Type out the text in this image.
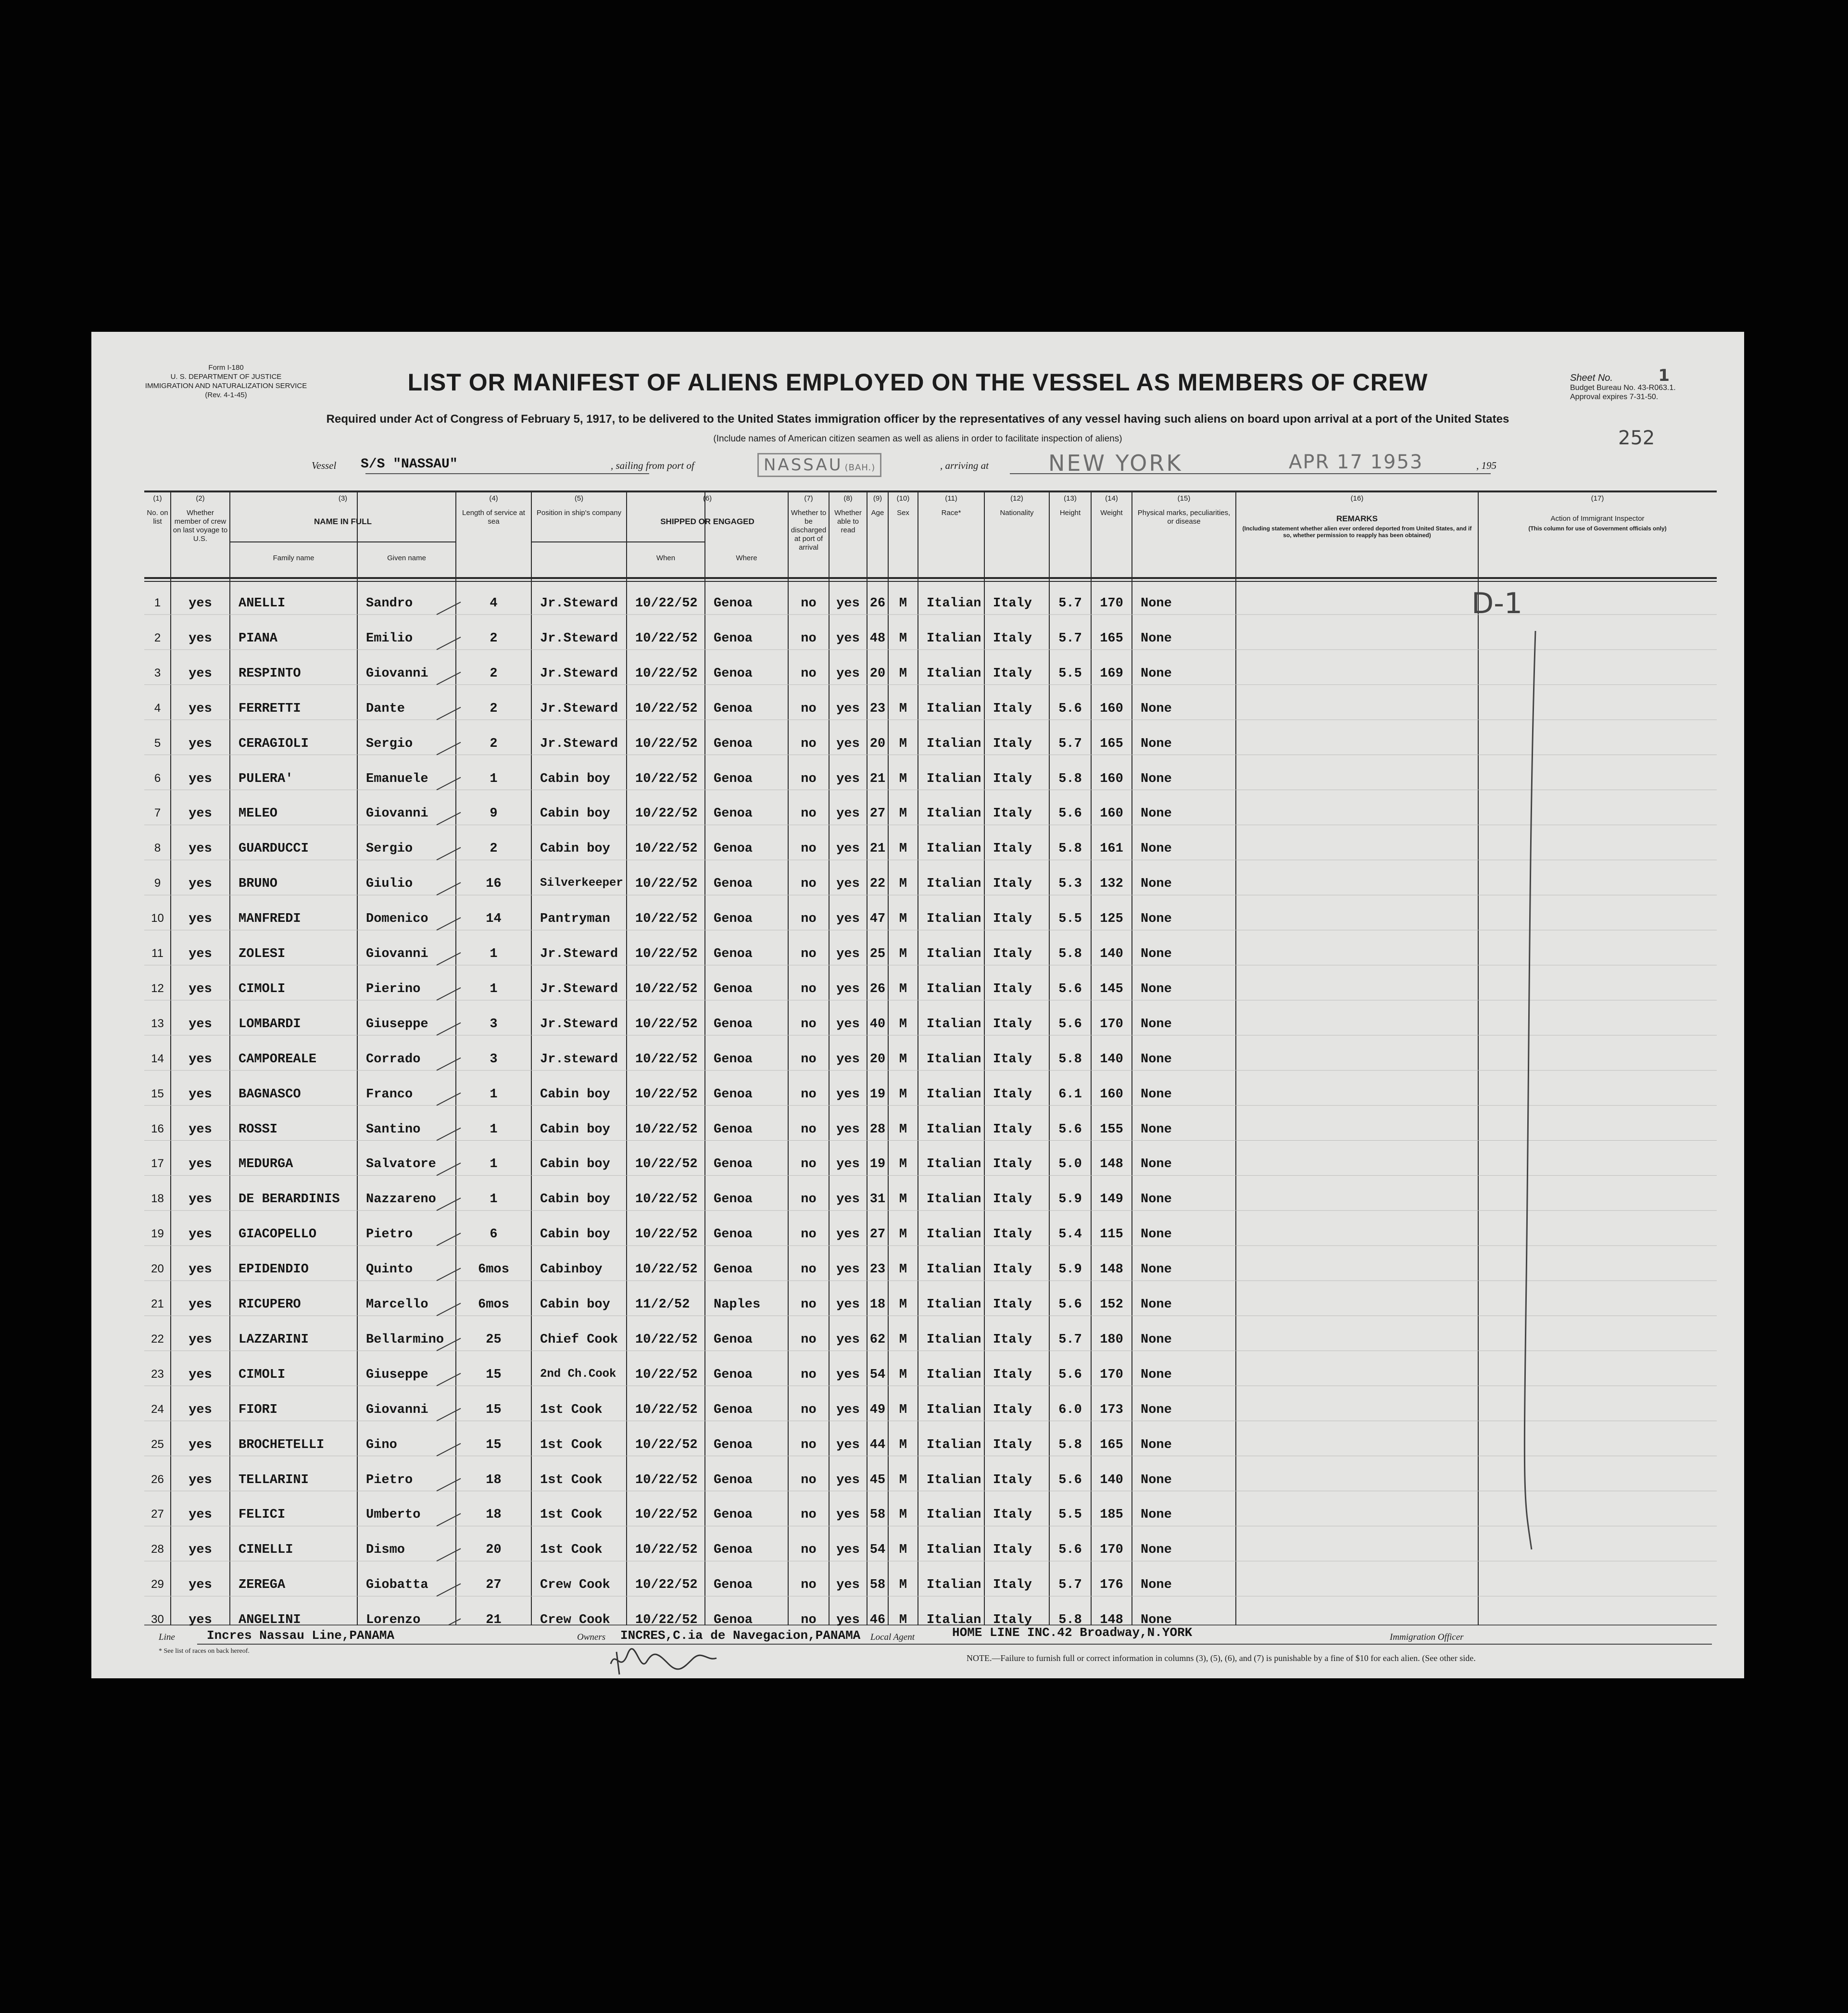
Form I-180
U. S. DEPARTMENT OF JUSTICE
IMMIGRATION AND NATURALIZATION SERVICE
(Rev. 4-1-45)	LIST OR MANIFEST OF ALIENS EMPLOYED ON THE VESSEL AS MEMBERS OF CREW	Sheet No.	1
Budget Bureau No. 43-R063.1.
Approval expires 7-31-50.
Required under Act of Congress of February 5, 1917, to be delivered to the United States immigration officer by the representatives of any vessel having such aliens on board upon arrival at a port of the United States
(Include names of American citizen seamen as well as aliens in order to facilitate inspection of aliens)	252
Vessel S/S "NASSAU"	, sailing from port of	NASSAU (BAH.)	, arriving at	NEW YORK	APR 17 1953	, 195
(1)
No. on list
(2)
Whether member of crew on last voyage to U.S.
(3)
NAME IN FULL
Family name	Given name
(4)
Length of service at sea
(5)
Position in ship's company
(6)
SHIPPED OR ENGAGED
When	Where
(7)
Whether to be discharged at port of arrival
(8)
Whether able to read
(9)
Age
(10)
Sex
(11)
Race*
(12)
Nationality
(13)
Height
(14)
Weight
(15)
Physical marks, peculiarities, or disease
(16)
REMARKS
(Including statement whether alien ever ordered deported from United States, and if so, whether permission to reapply has been obtained)
(17)
Action of Immigrant Inspector
(This column for use of Government officials only)
1	yes	ANELLI	Sandro	4	Jr.Steward 10/22/52 Genoa	no	yes 26	M	Italian Italy	5.7	170	None
2	yes	PIANA	Emilio	2	Jr.Steward 10/22/52 Genoa	no	yes 48	M	Italian Italy	5.7	165	None
3	yes	RESPINTO	Giovanni	2	Jr.Steward 10/22/52 Genoa	no	yes 20	M	Italian Italy	5.5	169	None
4	yes	FERRETTI	Dante	2	Jr.Steward 10/22/52 Genoa	no	yes 23	M	Italian Italy	5.6	160	None
5	yes	CERAGIOLI	Sergio	2	Jr.Steward 10/22/52 Genoa	no	yes 20	M	Italian Italy	5.7	165	None
6	yes	PULERA'	Emanuele	1	Cabin boy 10/22/52 Genoa	no	yes 21	M	Italian Italy	5.8	160	None
7	yes	MELEO	Giovanni	9	Cabin boy 10/22/52 Genoa	no	yes 27	M	Italian Italy	5.6	160	None
8	yes	GUARDUCCI	Sergio	2	Cabin boy 10/22/52 Genoa	no	yes 21	M	Italian Italy	5.8	161	None
9	yes	BRUNO	Giulio	16	Silverkeeper 10/22/52 Genoa	no	yes 22	M	Italian Italy	5.3	132	None
10	yes	MANFREDI	Domenico	14	Pantryman 10/22/52 Genoa	no	yes 47	M	Italian Italy	5.5	125	None
11	yes	ZOLESI	Giovanni	1	Jr.Steward 10/22/52 Genoa	no	yes 25	M	Italian Italy	5.8	140	None
12	yes	CIMOLI	Pierino	1	Jr.Steward 10/22/52 Genoa	no	yes 26	M	Italian Italy	5.6	145	None
13	yes	LOMBARDI	Giuseppe	3	Jr.Steward 10/22/52 Genoa	no	yes 40	M	Italian Italy	5.6	170	None
14	yes	CAMPOREALE	Corrado	3	Jr.steward 10/22/52 Genoa	no	yes 20	M	Italian Italy	5.8	140	None
15	yes	BAGNASCO	Franco	1	Cabin boy 10/22/52 Genoa	no	yes 19	M	Italian Italy	6.1	160	None
16	yes	ROSSI	Santino	1	Cabin boy 10/22/52 Genoa	no	yes 28	M	Italian Italy	5.6	155	None
17	yes	MEDURGA	Salvatore	1	Cabin boy 10/22/52 Genoa	no	yes 19	M	Italian Italy	5.0	148	None
18	yes	DE BERARDINIS Nazzareno	1	Cabin boy 10/22/52 Genoa	no	yes 31	M	Italian Italy	5.9	149	None
19	yes	GIACOPELLO	Pietro	6	Cabin boy 10/22/52 Genoa	no	yes 27	M	Italian Italy	5.4	115	None
20	yes	EPIDENDIO	Quinto	6mos	Cabinboy	10/22/52 Genoa	no	yes 23	M	Italian Italy	5.9	148	None
21	yes	RICUPERO	Marcello	6mos	Cabin boy 11/2/52 Naples	no	yes 18	M	Italian Italy	5.6	152	None
22	yes	LAZZARINI	Bellarmino	25	Chief Cook 10/22/52 Genoa	no	yes 62	M	Italian Italy	5.7	180	None
23	yes	CIMOLI	Giuseppe	15	2nd Ch.Cook 10/22/52 Genoa	no	yes 54	M	Italian Italy	5.6	170	None
24	yes	FIORI	Giovanni	15	1st Cook	10/22/52 Genoa	no	yes 49	M	Italian Italy	6.0	173	None
25	yes	BROCHETELLI	Gino	15	1st Cook	10/22/52 Genoa	no	yes 44	M	Italian Italy	5.8	165	None
26	yes	TELLARINI	Pietro	18	1st Cook	10/22/52 Genoa	no	yes 45	M	Italian Italy	5.6	140	None
27	yes	FELICI	Umberto	18	1st Cook	10/22/52 Genoa	no	yes 58	M	Italian Italy	5.5	185	None
28	yes	CINELLI	Dismo	20	1st Cook	10/22/52 Genoa	no	yes 54	M	Italian Italy	5.6	170	None
29	yes	ZEREGA	Giobatta	27	Crew Cook 10/22/52 Genoa	no	yes 58	M	Italian Italy	5.7	176	None
30	yes	ANGELINI	Lorenzo	21	Crew Cook 10/22/52 Genoa	no	yes 46	M	Italian Italy	5.8	148	None
D-1
Line	Incres Nassau Line,PANAMA	Owners INCRES,C.ia de Navegacion,PANAMA Local Agent	HOME LINE INC.42 Broadway,N.YORK	Immigration Officer
* See list of races on back hereof.
NOTE.—Failure to furnish full or correct information in columns (3), (5), (6), and (7) is punishable by a fine of $10 for each alien. (See other side.
